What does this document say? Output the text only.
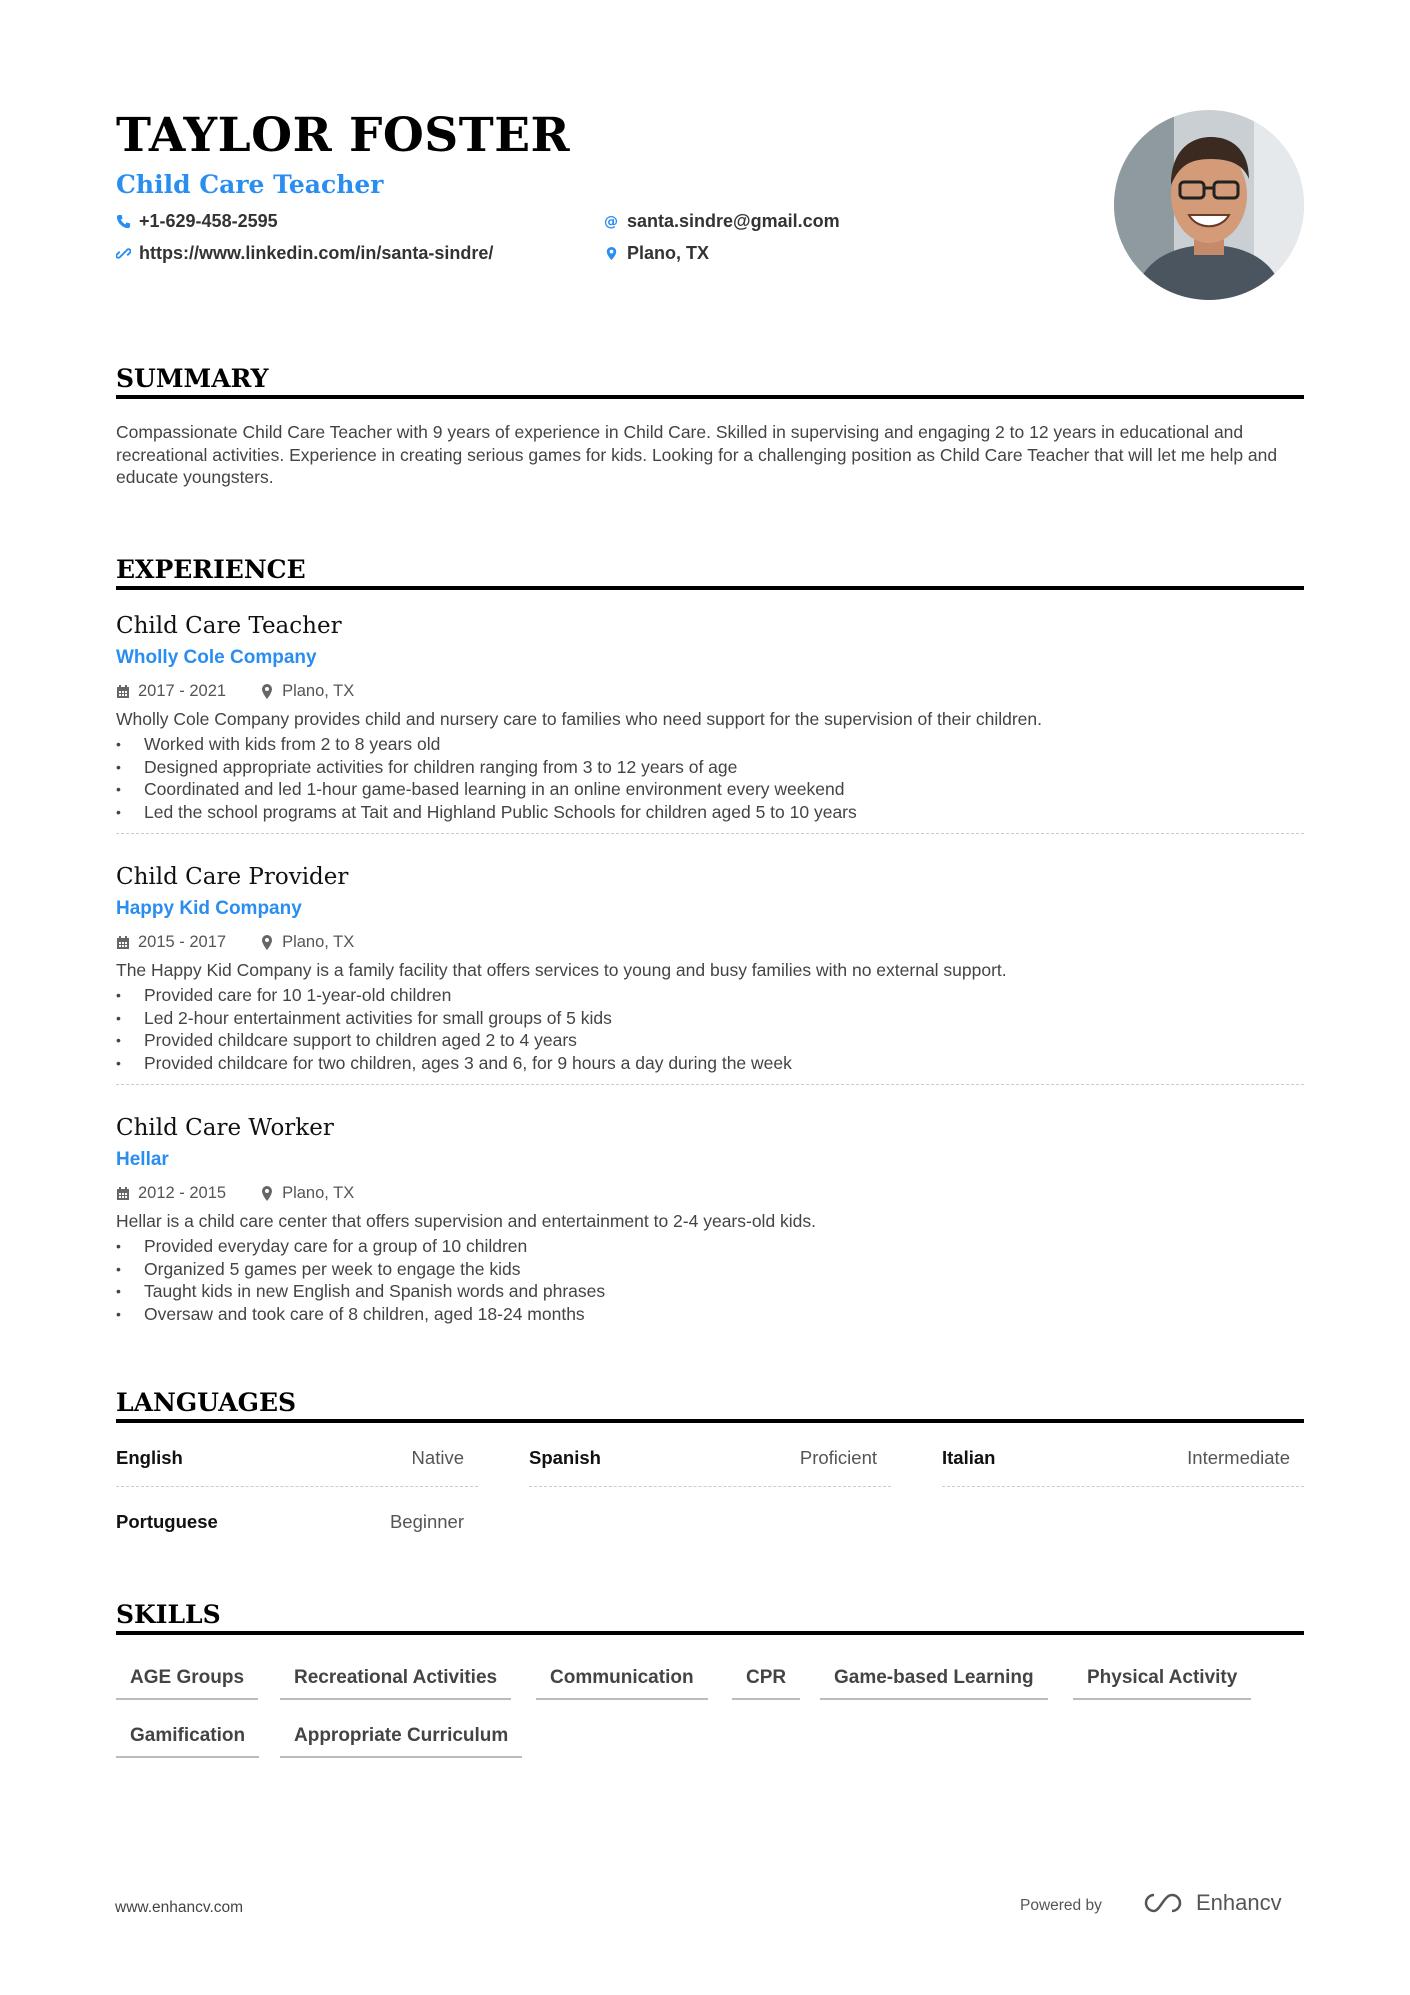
TAYLOR FOSTER
Child Care Teacher
+1-629-458-2595
https://www.linkedin.com/in/santa-sindre/
@ santa.sindre@gmail.com
Plano, TX
SUMMARY
Compassionate Child Care Teacher with 9 years of experience in Child Care. Skilled in supervising and engaging 2 to 12 years in educational and recreational activities. Experience in creating serious games for kids. Looking for a challenging position as Child Care Teacher that will let me help and educate youngsters.
EXPERIENCE
Child Care Teacher
Wholly Cole Company
2017 - 2021	Plano, TX
Wholly Cole Company provides child and nursery care to families who need support for the supervision of their children.
• Worked with kids from 2 to 8 years old
• Designed appropriate activities for children ranging from 3 to 12 years of age
• Coordinated and led 1-hour game-based learning in an online environment every weekend
• Led the school programs at Tait and Highland Public Schools for children aged 5 to 10 years
Child Care Provider
Happy Kid Company
2015 - 2017	Plano, TX
The Happy Kid Company is a family facility that offers services to young and busy families with no external support.
• Provided care for 10 1-year-old children
• Led 2-hour entertainment activities for small groups of 5 kids
• Provided childcare support to children aged 2 to 4 years
• Provided childcare for two children, ages 3 and 6, for 9 hours a day during the week
Child Care Worker
Hellar
2012 - 2015	Plano, TX
Hellar is a child care center that offers supervision and entertainment to 2-4 years-old kids.
• Provided everyday care for a group of 10 children
• Organized 5 games per week to engage the kids
• Taught kids in new English and Spanish words and phrases
• Oversaw and took care of 8 children, aged 18-24 months
LANGUAGES
English	Native	Spanish	Proficient	Italian	Intermediate
Portuguese	Beginner
SKILLS
AGE Groups	Recreational Activities	Communication	CPR	Game-based Learning	Physical Activity
Gamification	Appropriate Curriculum
www.enhancv.com	Powered by	Enhancv
